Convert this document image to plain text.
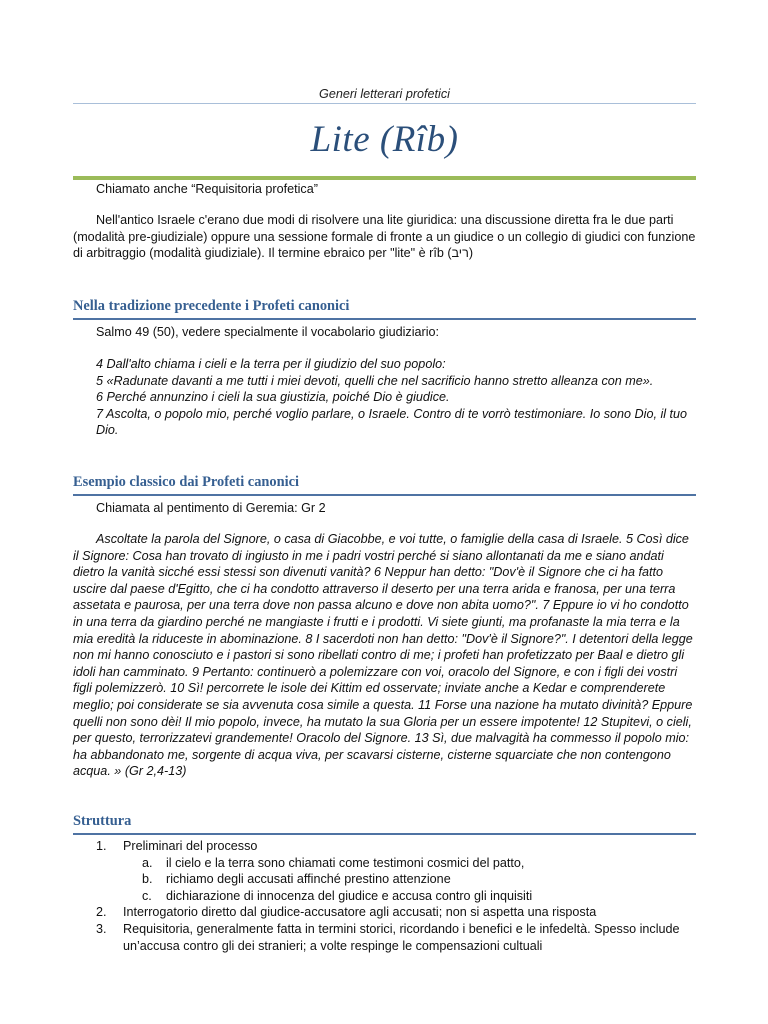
Generi letterari profetici
Lite (Rîb)

Chiamato anche “Requisitoria profetica”

Nell'antico Israele c'erano due modi di risolvere una lite giuridica: una discussione diretta fra le due parti (modalità pre-giudiziale) oppure una sessione formale di fronte a un giudice o un collegio di giudici con funzione di arbitraggio (modalità giudiziale). Il termine ebraico per "lite" è rîb (ריב)

Nella tradizione precedente i Profeti canonici

Salmo 49 (50), vedere specialmente il vocabolario giudiziario:

4 Dall'alto chiama i cieli e la terra per il giudizio del suo popolo:

5 «Radunate davanti a me tutti i miei devoti, quelli che nel sacrificio hanno stretto alleanza con me».

6 Perché annunzino i cieli la sua giustizia, poiché Dio è giudice.

7 Ascolta, o popolo mio, perché voglio parlare, o Israele. Contro di te vorrò testimoniare. Io sono Dio, il tuo Dio.

Esempio classico dai Profeti canonici

Chiamata al pentimento di Geremia: Gr 2

Ascoltate la parola del Signore, o casa di Giacobbe, e voi tutte, o famiglie della casa di Israele. 5 Così dice il Signore: Cosa han trovato di ingiusto in me i padri vostri perché si siano allontanati da me e siano andati dietro la vanità sicché essi stessi son divenuti vanità? 6 Neppur han detto: "Dov'è il Signore che ci ha fatto uscire dal paese d'Egitto, che ci ha condotto attraverso il deserto per una terra arida e franosa, per una terra assetata e paurosa, per una terra dove non passa alcuno e dove non abita uomo?". 7 Eppure io vi ho condotto in una terra da giardino perché ne mangiaste i frutti e i prodotti. Vi siete giunti, ma profanaste la mia terra e la mia eredità la riduceste in abominazione. 8 I sacerdoti non han detto: "Dov'è il Signore?". I detentori della legge non mi hanno conosciuto e i pastori si sono ribellati contro di me; i profeti han profetizzato per Baal e dietro gli idoli han camminato. 9 Pertanto: continuerò a polemizzare con voi, oracolo del Signore, e con i figli dei vostri figli polemizzerò. 10 Sì! percorrete le isole dei Kittim ed osservate; inviate anche a Kedar e comprenderete meglio; poi considerate se sia avvenuta cosa simile a questa. 11 Forse una nazione ha mutato divinità? Eppure quelli non sono dèi! Il mio popolo, invece, ha mutato la sua Gloria per un essere impotente! 12 Stupitevi, o cieli, per questo, terrorizzatevi grandemente! Oracolo del Signore. 13 Sì, due malvagità ha commesso il popolo mio: ha abbandonato me, sorgente di acqua viva, per scavarsi cisterne, cisterne squarciate che non contengono acqua. » (Gr 2,4-13)

Struttura
1. Preliminari del processo
a. il cielo e la terra sono chiamati come testimoni cosmici del patto,
b. richiamo degli accusati affinché prestino attenzione
c. dichiarazione di innocenza del giudice e accusa contro gli inquisiti
2. Interrogatorio diretto dal giudice-accusatore agli accusati; non si aspetta una risposta
3. Requisitoria, generalmente fatta in termini storici, ricordando i benefici e le infedeltà. Spesso include un’accusa contro gli dei stranieri; a volte respinge le compensazioni cultuali
